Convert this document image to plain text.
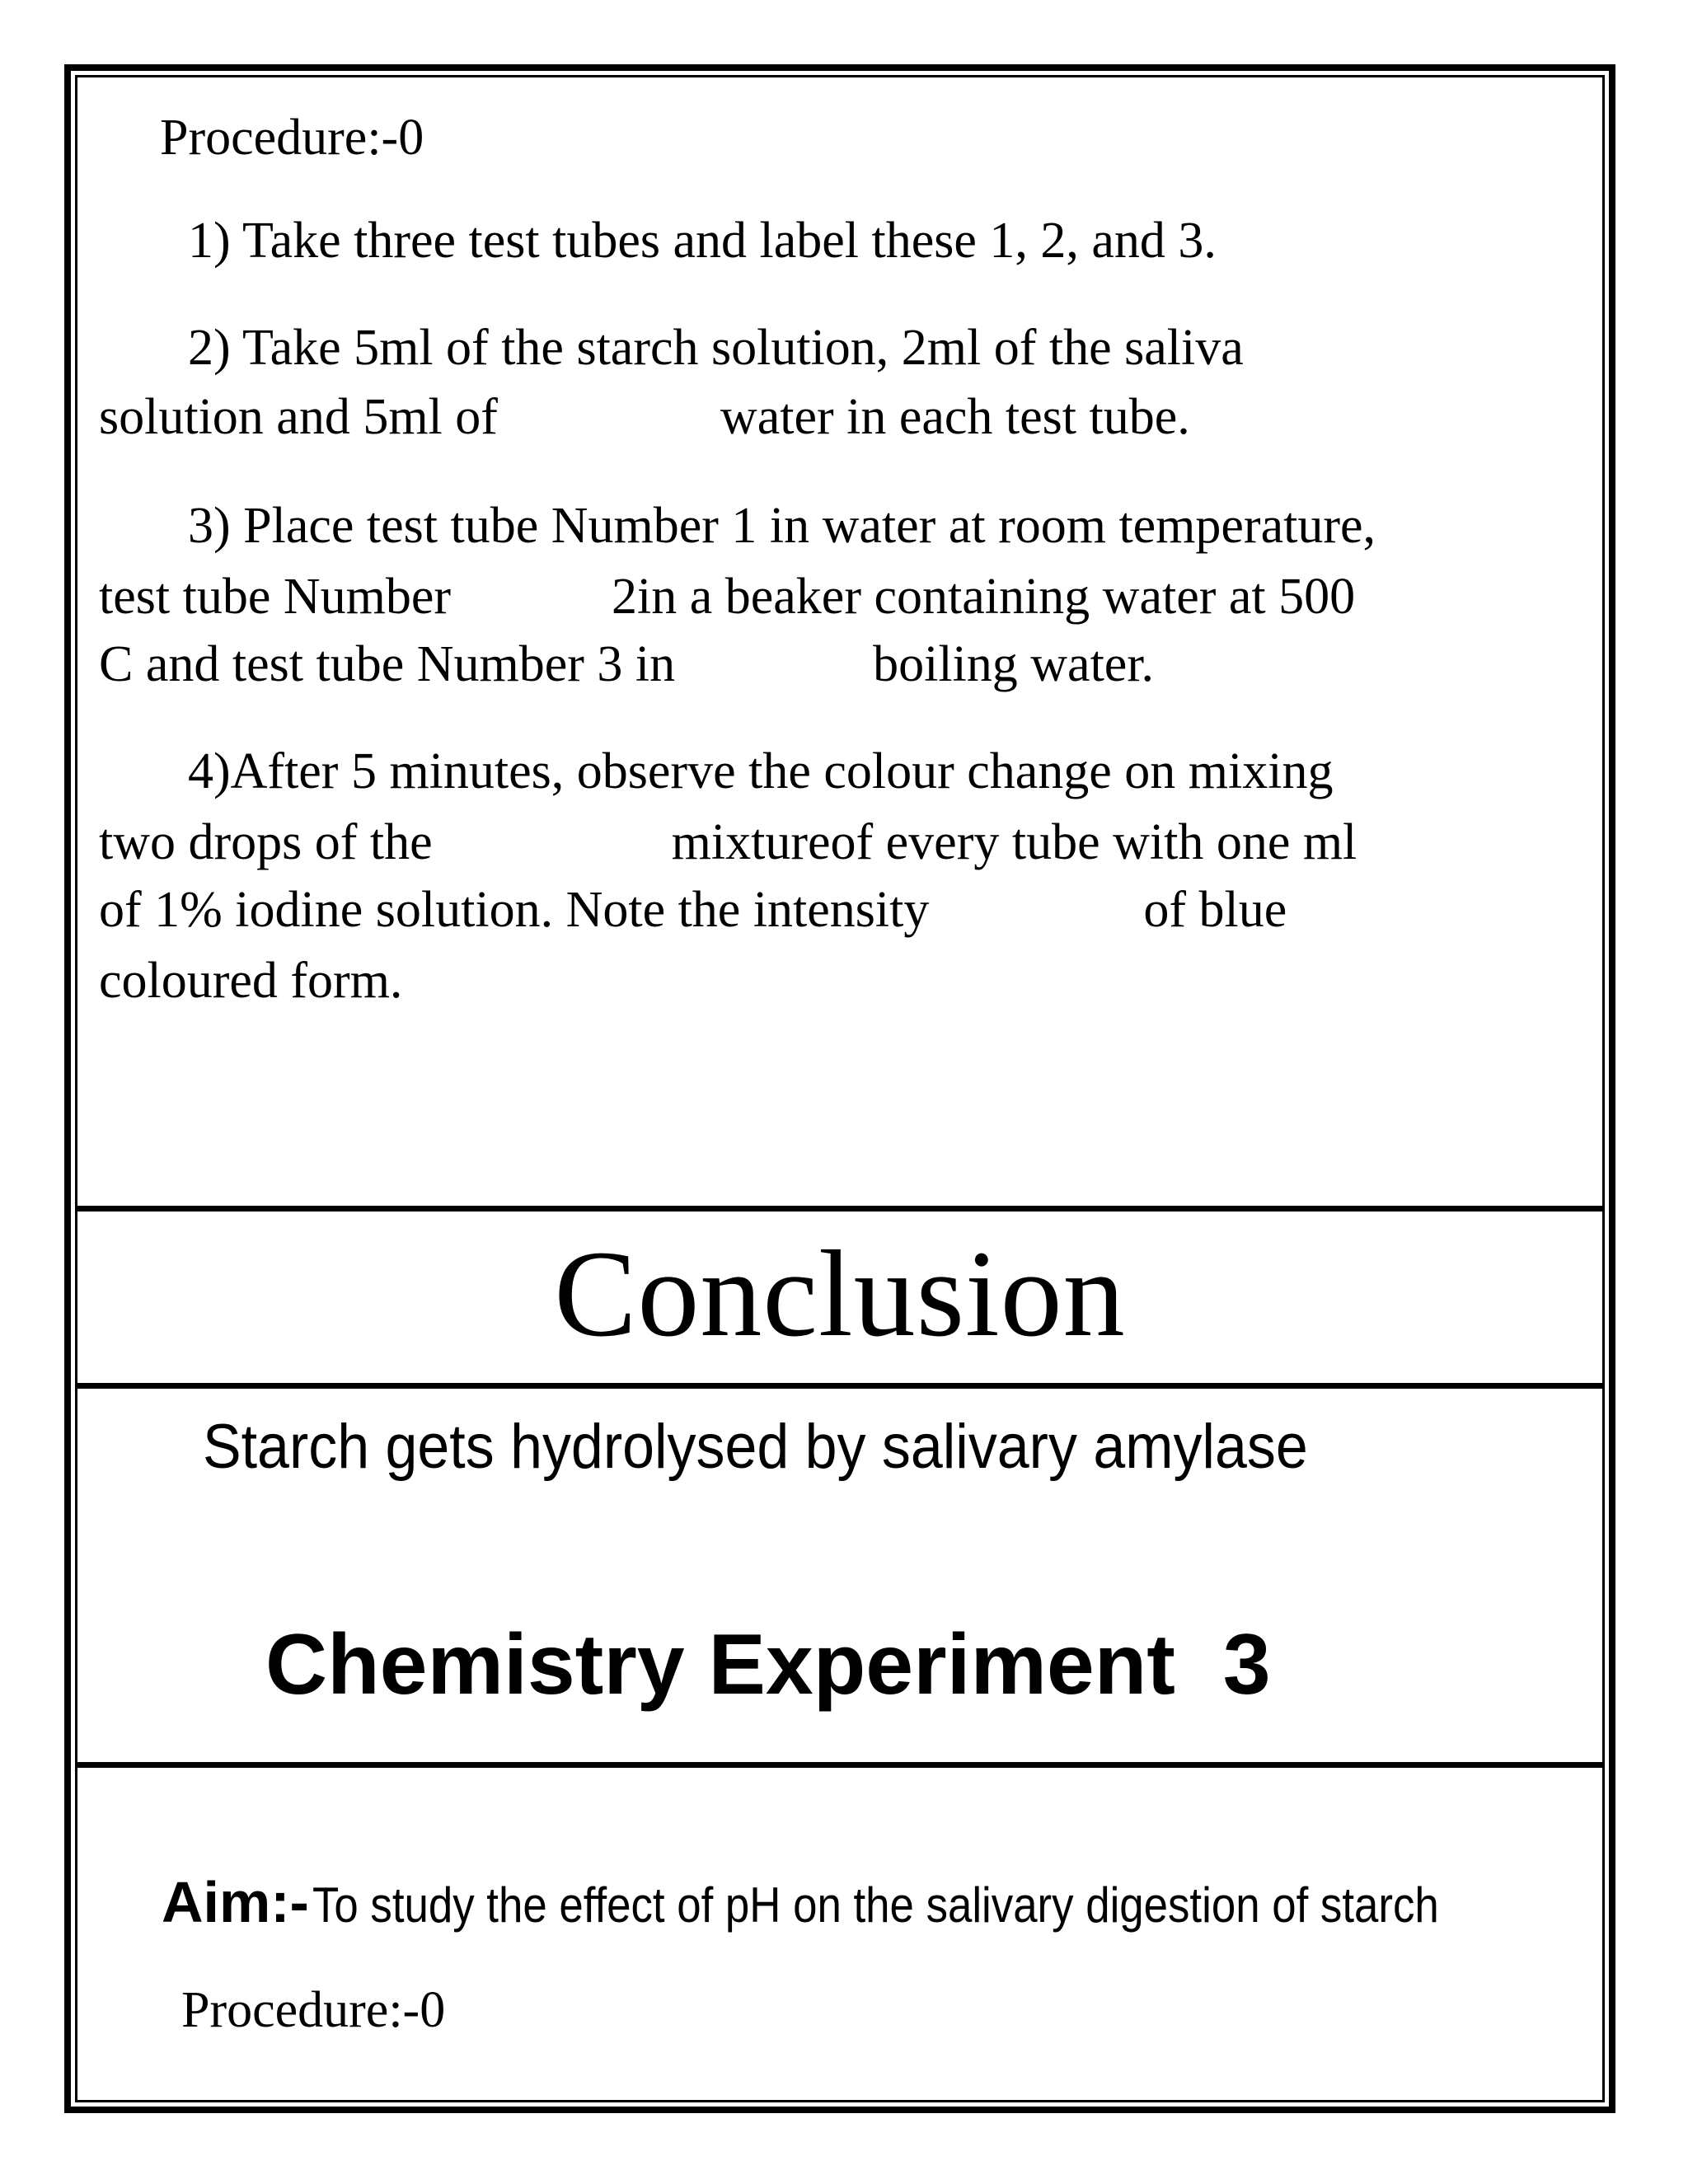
Procedure:-0
1) Take three test tubes and label these 1, 2, and 3.
2) Take 5ml of the starch solution, 2ml of the saliva
solution and 5ml of	water in each test tube.
3) Place test tube Number 1 in water at room temperature,
test tube Number	2in a beaker containing water at 500
C and test tube Number 3 in	boiling water.
4)After 5 minutes, observe the colour change on mixing
two drops of the	mixtureof every tube with one ml
of 1% iodine solution. Note the intensity	of blue
coloured form.
Conclusion
Starch gets hydrolysed by salivary amylase
Chemistry Experiment  3
Aim:- To study the effect of pH on the salivary digestion of starch
Procedure:-0
